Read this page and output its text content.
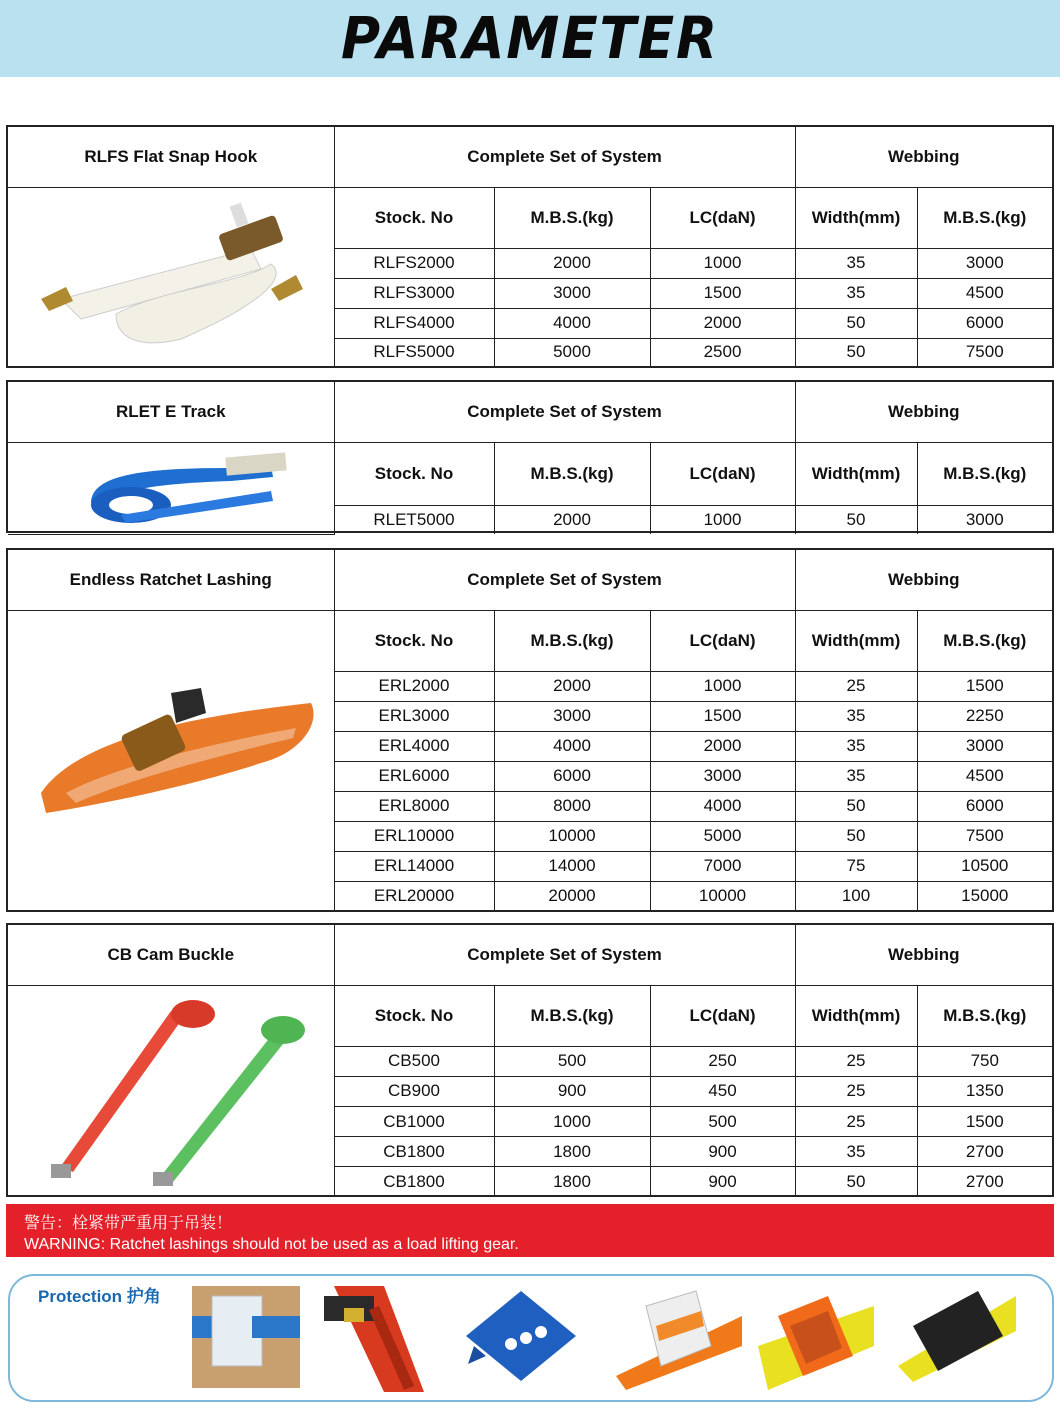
PARAMETER
RLFS Flat Snap Hook	Complete Set of System			Webbing	
	Stock. No	M.B.S.(kg)	LC(daN)	Width(mm)	M.B.S.(kg)
	RLFS2000	2000	1000	35	3000
	RLFS3000	3000	1500	35	4500
	RLFS4000	4000	2000	50	6000
	RLFS5000	5000	2500	50	7500
RLET E Track	Complete Set of System			Webbing	
	Stock. No	M.B.S.(kg)	LC(daN)	Width(mm)	M.B.S.(kg)
	RLET5000	2000	1000	50	3000
Endless Ratchet Lashing	Complete Set of System			Webbing	
	Stock. No	M.B.S.(kg)	LC(daN)	Width(mm)	M.B.S.(kg)
	ERL2000	2000	1000	25	1500
	ERL3000	3000	1500	35	2250
	ERL4000	4000	2000	35	3000
	ERL6000	6000	3000	35	4500
	ERL8000	8000	4000	50	6000
	ERL10000	10000	5000	50	7500
	ERL14000	14000	7000	75	10500
	ERL20000	20000	10000	100	15000
CB Cam Buckle	Complete Set of System			Webbing	
	Stock. No	M.B.S.(kg)	LC(daN)	Width(mm)	M.B.S.(kg)
	CB500	500	250	25	750
	CB900	900	450	25	1350
	CB1000	1000	500	25	1500
	CB1800	1800	900	35	2700
	CB1800	1800	900	50	2700
警告：栓紧带严重用于吊装！
WARNING: Ratchet lashings should not be used as a load lifting gear.
Protection 护角
